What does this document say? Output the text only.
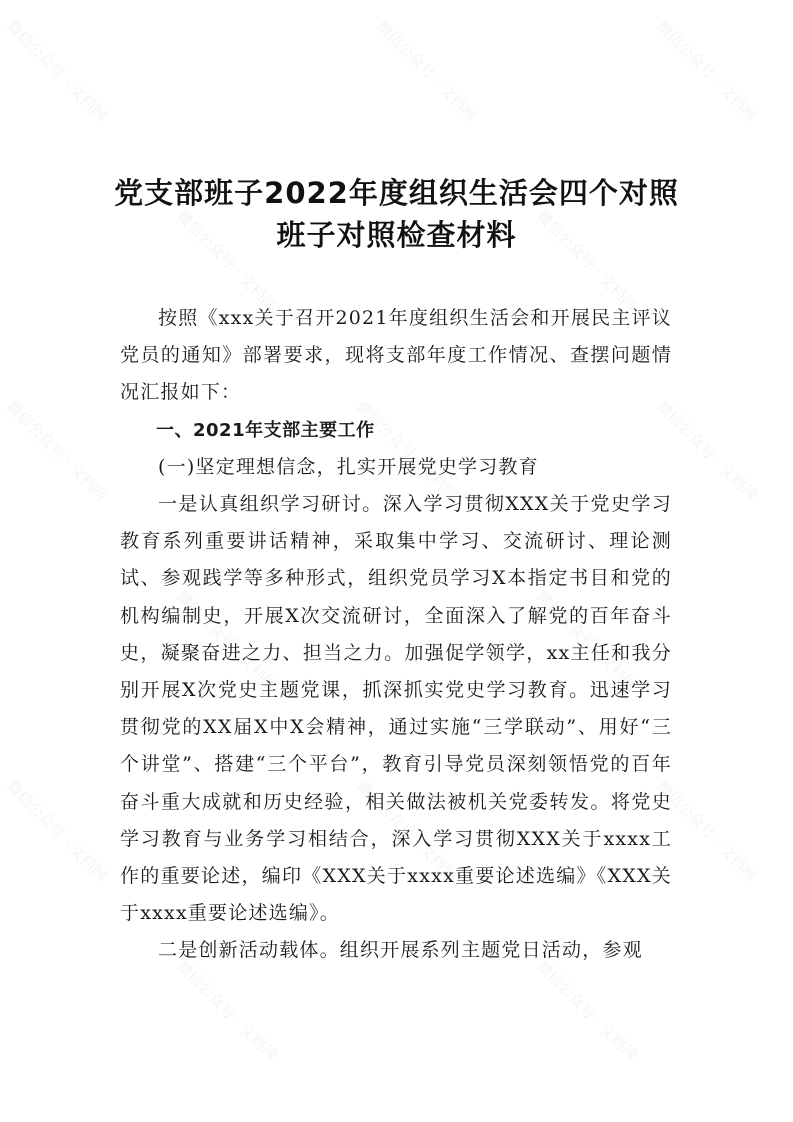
微信公众号 · 文档网	微信公众号 · 文档网	微信公众号 · 文档网
微信公众号 · 文档网	微信公众号 · 文档网
微信公众号 · 文档网	微信公众号 · 文档网	微信公众号 · 文档网
微信公众号 · 文档网	微信公众号 · 文档网
微信公众号 · 文档网	微信公众号 · 文档网	微信公众号 · 文档网
微信公众号 · 文档网	微信公众号 · 文档网
党支部班子2022年度组织生活会四个对照
班子对照检查材料

按照《xxx关于召开2021年度组织生活会和开展民主评议党员的通知》部署要求，现将支部年度工作情况、查摆问题情况汇报如下：

一、2021年支部主要工作

(一)坚定理想信念，扎实开展党史学习教育

一是认真组织学习研讨。深入学习贯彻XXX关于党史学习教育系列重要讲话精神，采取集中学习、交流研讨、理论测试、参观践学等多种形式，组织党员学习X本指定书目和党的机构编制史，开展X次交流研讨，全面深入了解党的百年奋斗史，凝聚奋进之力、担当之力。加强促学领学，xx主任和我分别开展X次党史主题党课，抓深抓实党史学习教育。迅速学习贯彻党的XX届X中X会精神，通过实施“三学联动”、用好“三个讲堂”、搭建“三个平台”，教育引导党员深刻领悟党的百年奋斗重大成就和历史经验，相关做法被机关党委转发。将党史学习教育与业务学习相结合，深入学习贯彻XXX关于xxxx工作的重要论述，编印《XXX关于xxxx重要论述选编》《XXX关于xxxx重要论述选编》。

二是创新活动载体。组织开展系列主题党日活动，参观
